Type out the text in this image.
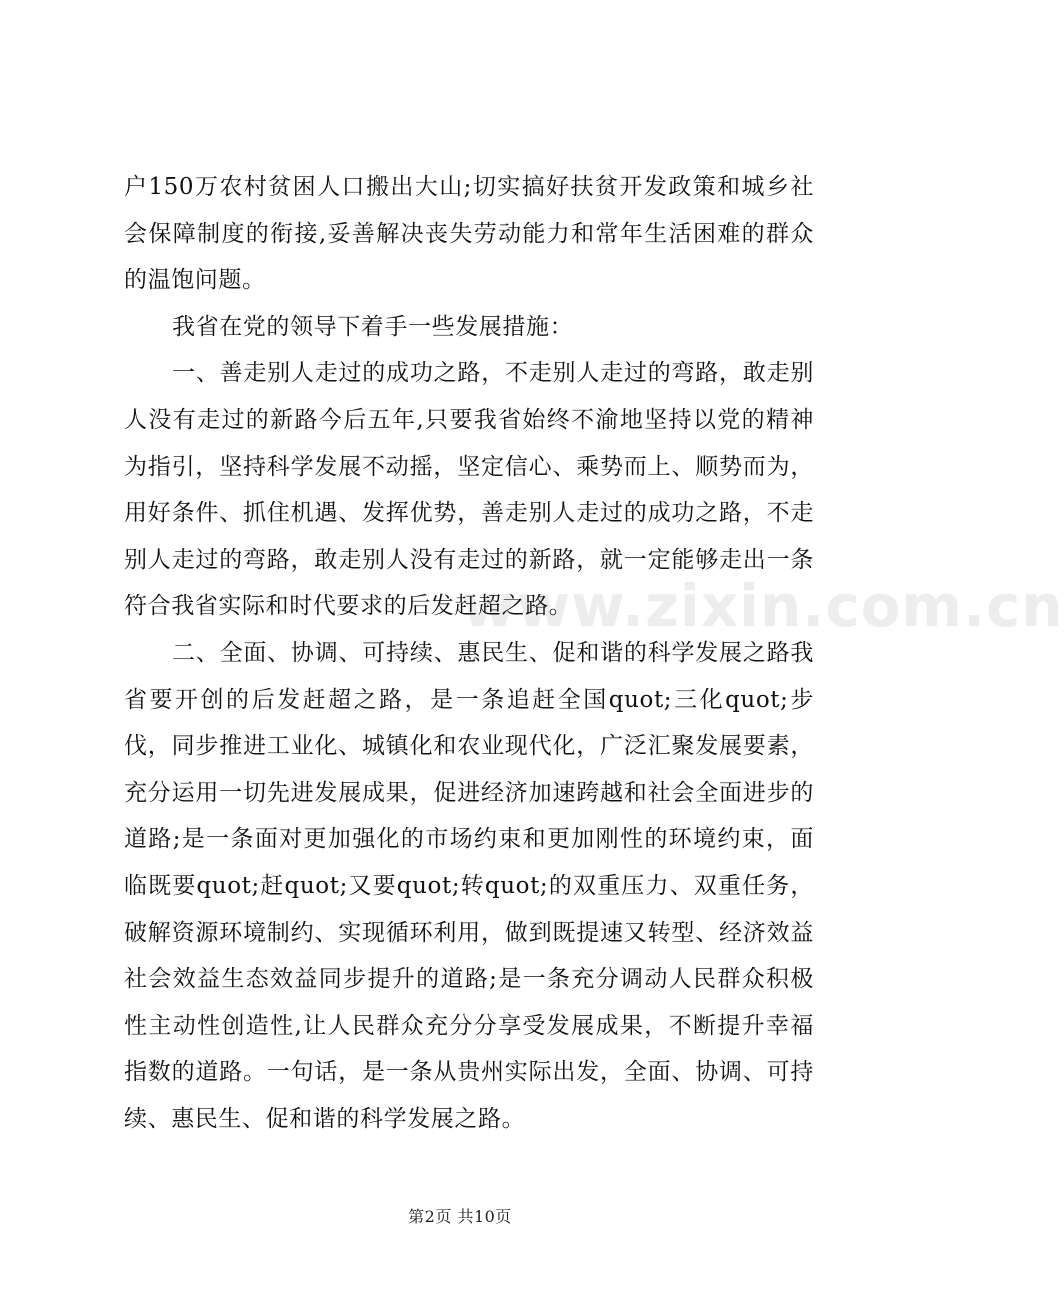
www.zixin.com.cn

户150万农村贫困人口搬出大山;切实搞好扶贫开发政策和城乡社会保障制度的衔接,妥善解决丧失劳动能力和常年生活困难的群众的温饱问题。

我省在党的领导下着手一些发展措施：

一、善走别人走过的成功之路，不走别人走过的弯路，敢走别人没有走过的新路今后五年,只要我省始终不渝地坚持以党的精神为指引，坚持科学发展不动摇，坚定信心、乘势而上、顺势而为，用好条件、抓住机遇、发挥优势，善走别人走过的成功之路，不走别人走过的弯路，敢走别人没有走过的新路，就一定能够走出一条符合我省实际和时代要求的后发赶超之路。

二、全面、协调、可持续、惠民生、促和谐的科学发展之路我省要开创的后发赶超之路，是一条追赶全国quot;三化quot;步伐，同步推进工业化、城镇化和农业现代化，广泛汇聚发展要素，充分运用一切先进发展成果，促进经济加速跨越和社会全面进步的道路;是一条面对更加强化的市场约束和更加刚性的环境约束，面临既要quot;赶quot;又要quot;转quot;的双重压力、双重任务，破解资源环境制约、实现循环利用，做到既提速又转型、经济效益社会效益生态效益同步提升的道路;是一条充分调动人民群众积极性主动性创造性,让人民群众充分分享受发展成果，不断提升幸福指数的道路。一句话，是一条从贵州实际出发，全面、协调、可持续、惠民生、促和谐的科学发展之路。

第2页 共10页
